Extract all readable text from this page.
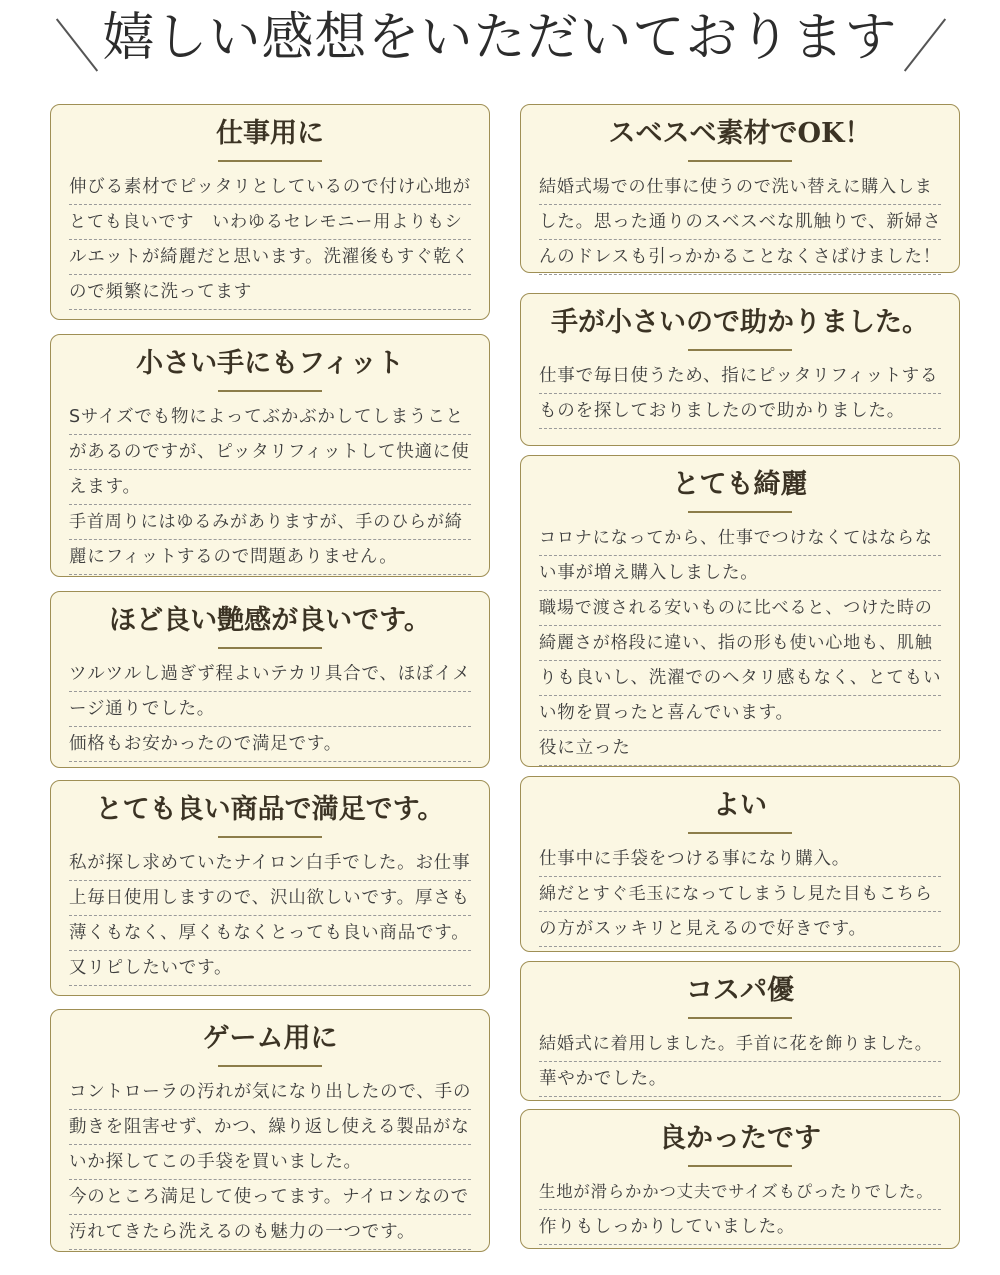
嬉しい感想をいただいております
仕事用に
伸びる素材でピッタリとしているので付け心地が
とても良いです　いわゆるセレモニー用よりもシ
ルエットが綺麗だと思います。洗濯後もすぐ乾く
ので頻繁に洗ってます
小さい手にもフィット
Sサイズでも物によってぶかぶかしてしまうこと
があるのですが、ピッタリフィットして快適に使
えます。
手首周りにはゆるみがありますが、手のひらが綺
麗にフィットするので問題ありません。
ほど良い艶感が良いです。
ツルツルし過ぎず程よいテカリ具合で、ほぼイメ
ージ通りでした。
価格もお安かったので満足です。
とても良い商品で満足です。
私が探し求めていたナイロン白手でした。お仕事
上毎日使用しますので、沢山欲しいです。厚さも
薄くもなく、厚くもなくとっても良い商品です。
又リピしたいです。
ゲーム用に
コントローラの汚れが気になり出したので、手の
動きを阻害せず、かつ、繰り返し使える製品がな
いか探してこの手袋を買いました。
今のところ満足して使ってます。ナイロンなので
汚れてきたら洗えるのも魅力の一つです。
スベスベ素材でOK！
結婚式場での仕事に使うので洗い替えに購入しま
した。思った通りのスベスベな肌触りで、新婦さ
んのドレスも引っかかることなくさばけました！
手が小さいので助かりました。
仕事で毎日使うため、指にピッタリフィットする
ものを探しておりましたので助かりました。
とても綺麗
コロナになってから、仕事でつけなくてはならな
い事が増え購入しました。
職場で渡される安いものに比べると、つけた時の
綺麗さが格段に違い、指の形も使い心地も、肌触
りも良いし、洗濯でのヘタリ感もなく、とてもい
い物を買ったと喜んでいます。
役に立った
よい
仕事中に手袋をつける事になり購入。
綿だとすぐ毛玉になってしまうし見た目もこちら
の方がスッキリと見えるので好きです。
コスパ優
結婚式に着用しました。手首に花を飾りました。
華やかでした。
良かったです
生地が滑らかかつ丈夫でサイズもぴったりでした。
作りもしっかりしていました。
